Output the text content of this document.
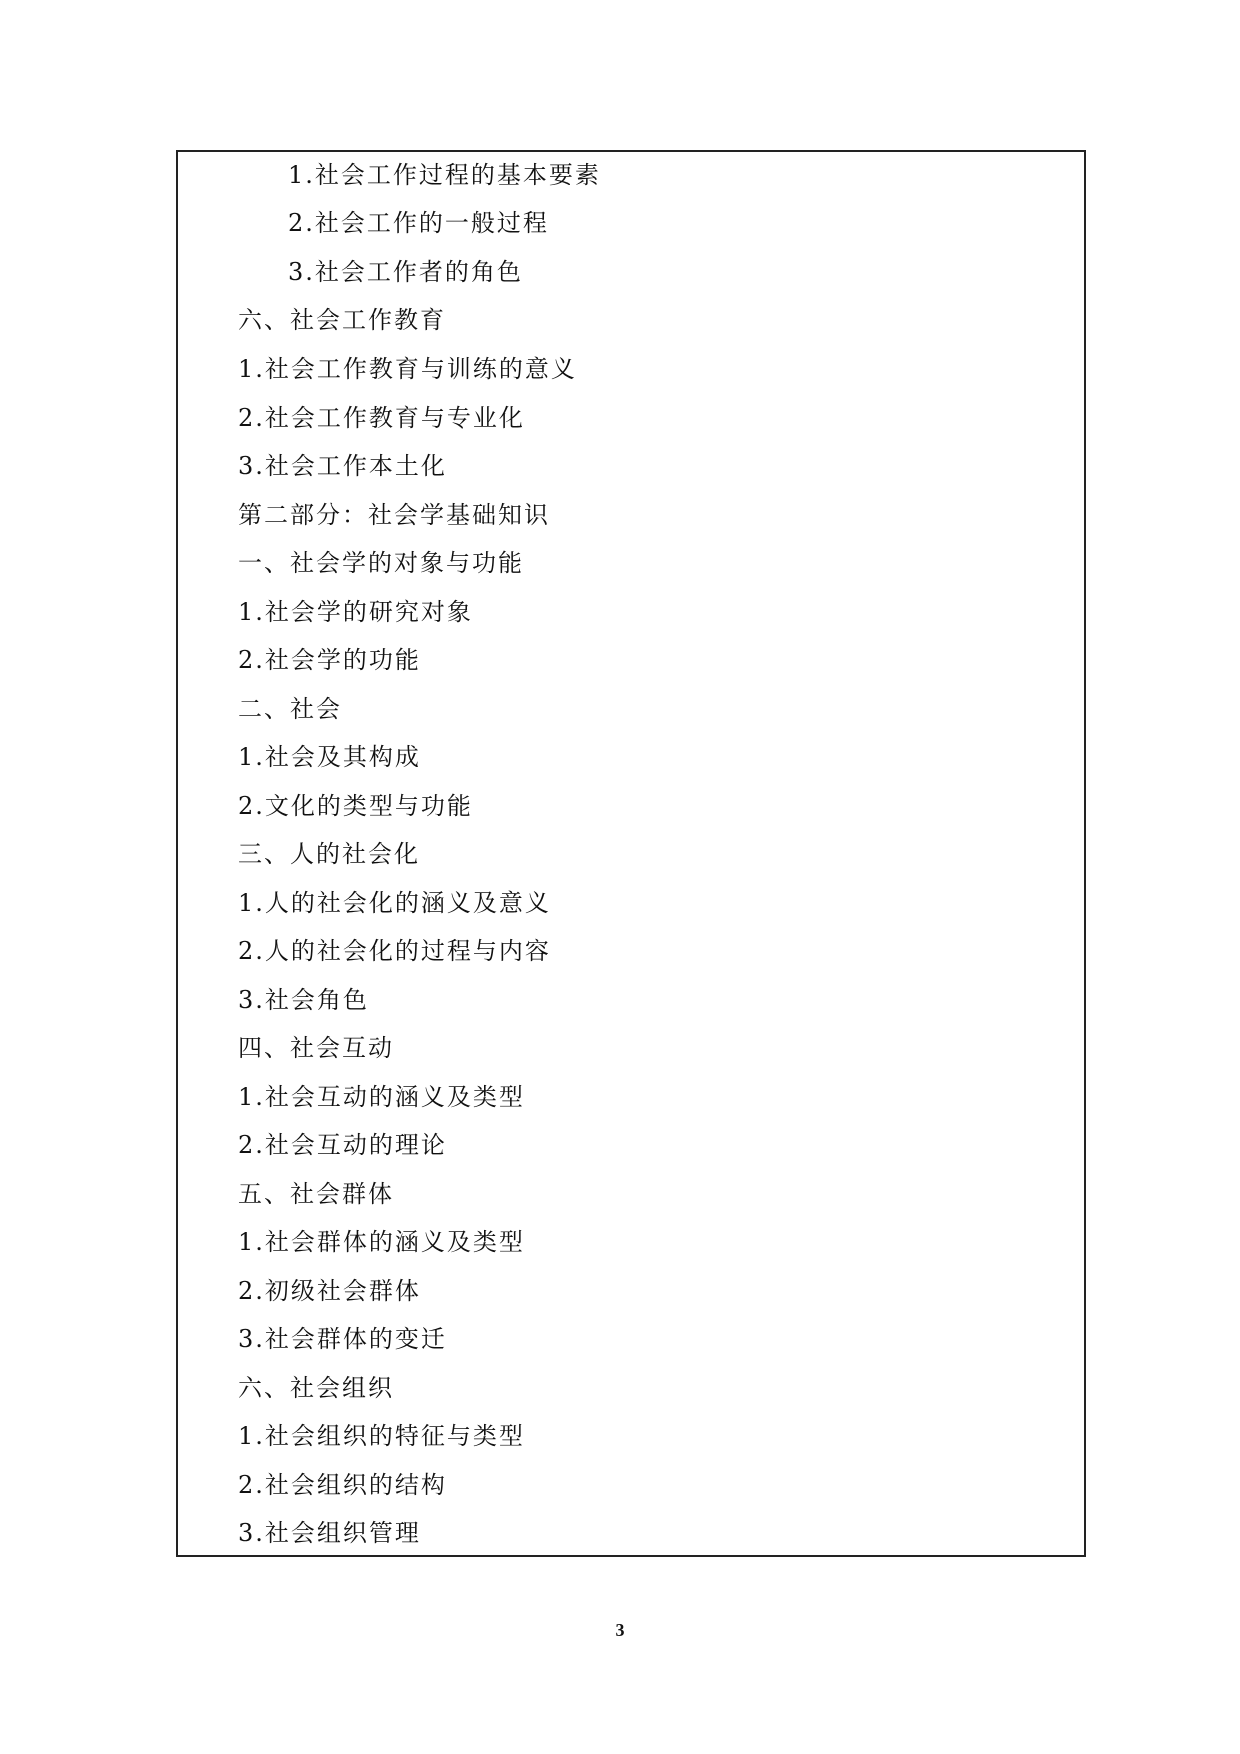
1.社会工作过程的基本要素
2.社会工作的一般过程
3.社会工作者的角色
六、社会工作教育
1.社会工作教育与训练的意义
2.社会工作教育与专业化
3.社会工作本土化
第二部分：社会学基础知识
一、社会学的对象与功能
1.社会学的研究对象
2.社会学的功能
二、社会
1.社会及其构成
2.文化的类型与功能
三、人的社会化
1.人的社会化的涵义及意义
2.人的社会化的过程与内容
3.社会角色
四、社会互动
1.社会互动的涵义及类型
2.社会互动的理论
五、社会群体
1.社会群体的涵义及类型
2.初级社会群体
3.社会群体的变迁
六、社会组织
1.社会组织的特征与类型
2.社会组织的结构
3.社会组织管理
3
